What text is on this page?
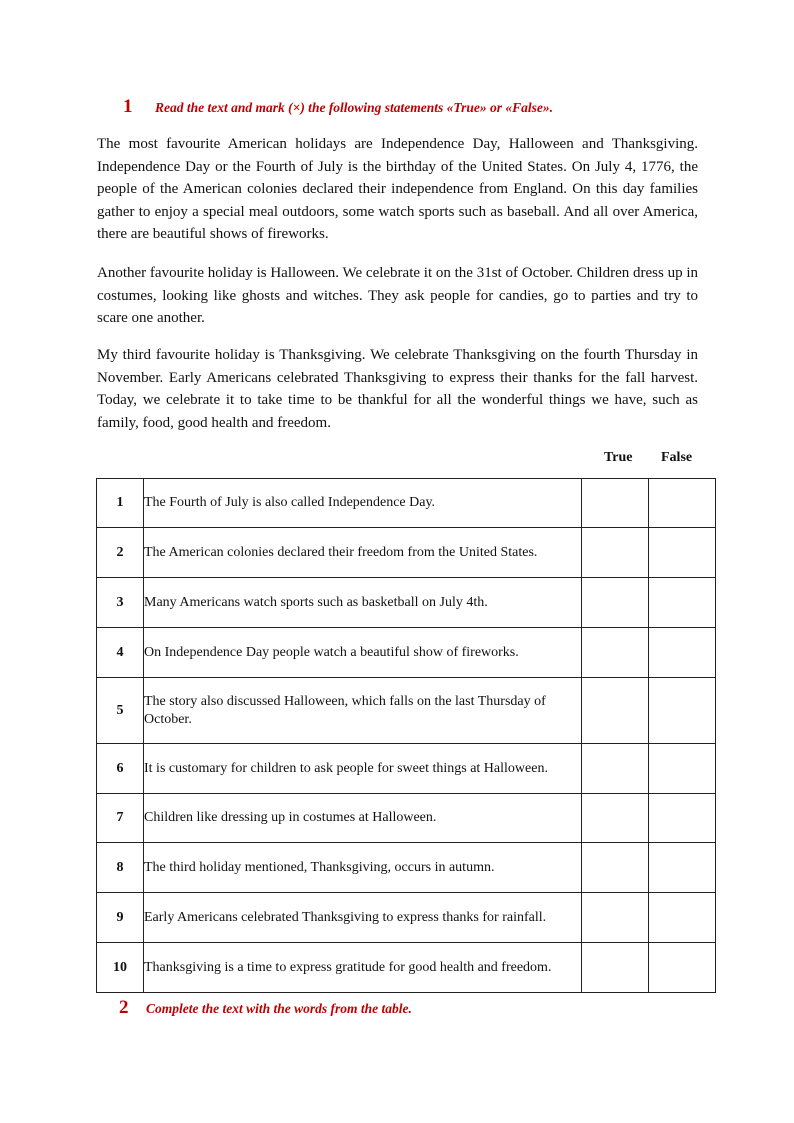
1	Read the text and mark (×) the following statements «True» or «False».

The most favourite American holidays are Independence Day, Halloween and Thanksgiving. Independence Day or the Fourth of July is the birthday of the United States. On July 4, 1776, the people of the American colonies declared their independence from England. On this day families gather to enjoy a special meal outdoors, some watch sports such as baseball. And all over America, there are beautiful shows of fireworks.

Another favourite holiday is Halloween. We celebrate it on the 31st of October. Children dress up in costumes, looking like ghosts and witches. They ask people for candies, go to parties and try to scare one another.

My third favourite holiday is Thanksgiving. We celebrate Thanksgiving on the fourth Thursday in November. Early Americans celebrated Thanksgiving to express their thanks for the fall harvest. Today, we celebrate it to take time to be thankful for all the wonderful things we have, such as family, food, good health and freedom.

True False
1	The Fourth of July is also called Independence Day.		
2	The American colonies declared their freedom from the United States.		
3	Many Americans watch sports such as basketball on July 4th.		
4	On Independence Day people watch a beautiful show of fireworks.		
5	The story also discussed Halloween, which falls on the last Thursday of October.		
6	It is customary for children to ask people for sweet things at Halloween.		
7	Children like dressing up in costumes at Halloween.		
8	The third holiday mentioned, Thanksgiving, occurs in autumn.		
9	Early Americans celebrated Thanksgiving to express thanks for rainfall.		
10	Thanksgiving is a time to express gratitude for good health and freedom.		
2	Complete the text with the words from the table.
